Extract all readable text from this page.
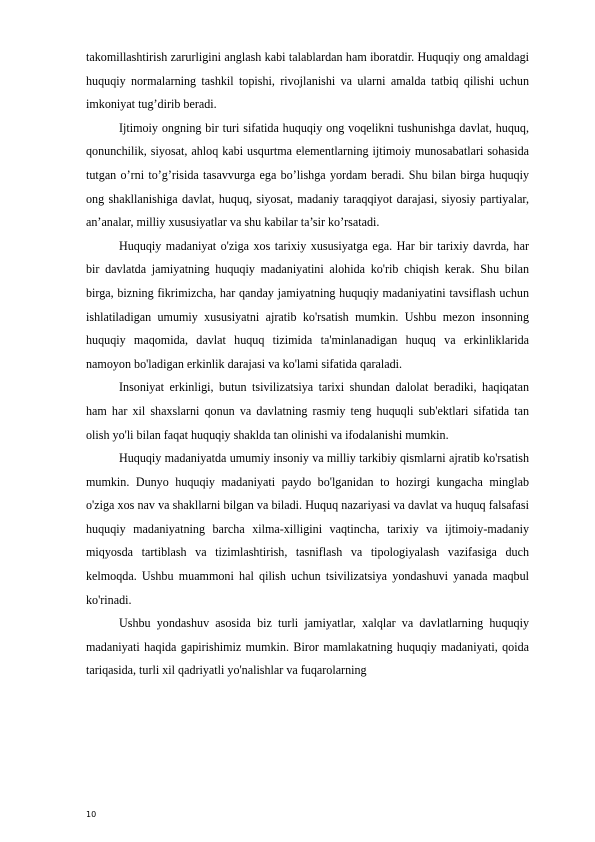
takomillashtirish zarurligini anglash kabi talablardan ham iboratdir. Huquqiy ong amaldagi huquqiy normalarning tashkil topishi, rivojlanishi va ularni amalda tatbiq qilishi uchun imkoniyat tug’dirib beradi.

Ijtimoiy ongning bir turi sifatida huquqiy ong voqelikni tushunishga davlat, huquq, qonunchilik, siyosat, ahloq kabi usqurtma elementlarning ijtimoiy munosabatlari sohasida tutgan o’rni to’g’risida tasavvurga ega bo’lishga yordam beradi. Shu bilan birga huquqiy ong shakllanishiga davlat, huquq, siyosat, madaniy taraqqiyot darajasi, siyosiy partiyalar, an’analar, milliy xususiyatlar va shu kabilar ta’sir ko’rsatadi.

Huquqiy madaniyat o'ziga xos tarixiy xususiyatga ega. Har bir tarixiy davrda, har bir davlatda jamiyatning huquqiy madaniyatini alohida ko'rib chiqish kerak. Shu bilan birga, bizning fikrimizcha, har qanday jamiyatning huquqiy madaniyatini tavsiflash uchun ishlatiladigan umumiy xususiyatni ajratib ko'rsatish mumkin. Ushbu mezon insonning huquqiy maqomida, davlat huquq tizimida ta'minlanadigan huquq va erkinliklarida namoyon bo'ladigan erkinlik darajasi va ko'lami sifatida qaraladi.

Insoniyat erkinligi, butun tsivilizatsiya tarixi shundan dalolat beradiki, haqiqatan ham har xil shaxslarni qonun va davlatning rasmiy teng huquqli sub'ektlari sifatida tan olish yo'li bilan faqat huquqiy shaklda tan olinishi va ifodalanishi mumkin.

Huquqiy madaniyatda umumiy insoniy va milliy tarkibiy qismlarni ajratib ko'rsatish mumkin. Dunyo huquqiy madaniyati paydo bo'lganidan to hozirgi kungacha minglab o'ziga xos nav va shakllarni bilgan va biladi. Huquq nazariyasi va davlat va huquq falsafasi huquqiy madaniyatning barcha xilma-xilligini vaqtincha, tarixiy va ijtimoiy-madaniy miqyosda tartiblash va tizimlashtirish, tasniflash va tipologiyalash vazifasiga duch kelmoqda. Ushbu muammoni hal qilish uchun tsivilizatsiya yondashuvi yanada maqbul ko'rinadi.

Ushbu yondashuv asosida biz turli jamiyatlar, xalqlar va davlatlarning huquqiy madaniyati haqida gapirishimiz mumkin. Biror mamlakatning huquqiy madaniyati, qoida tariqasida, turli xil qadriyatli yo'nalishlar va fuqarolarning

10
